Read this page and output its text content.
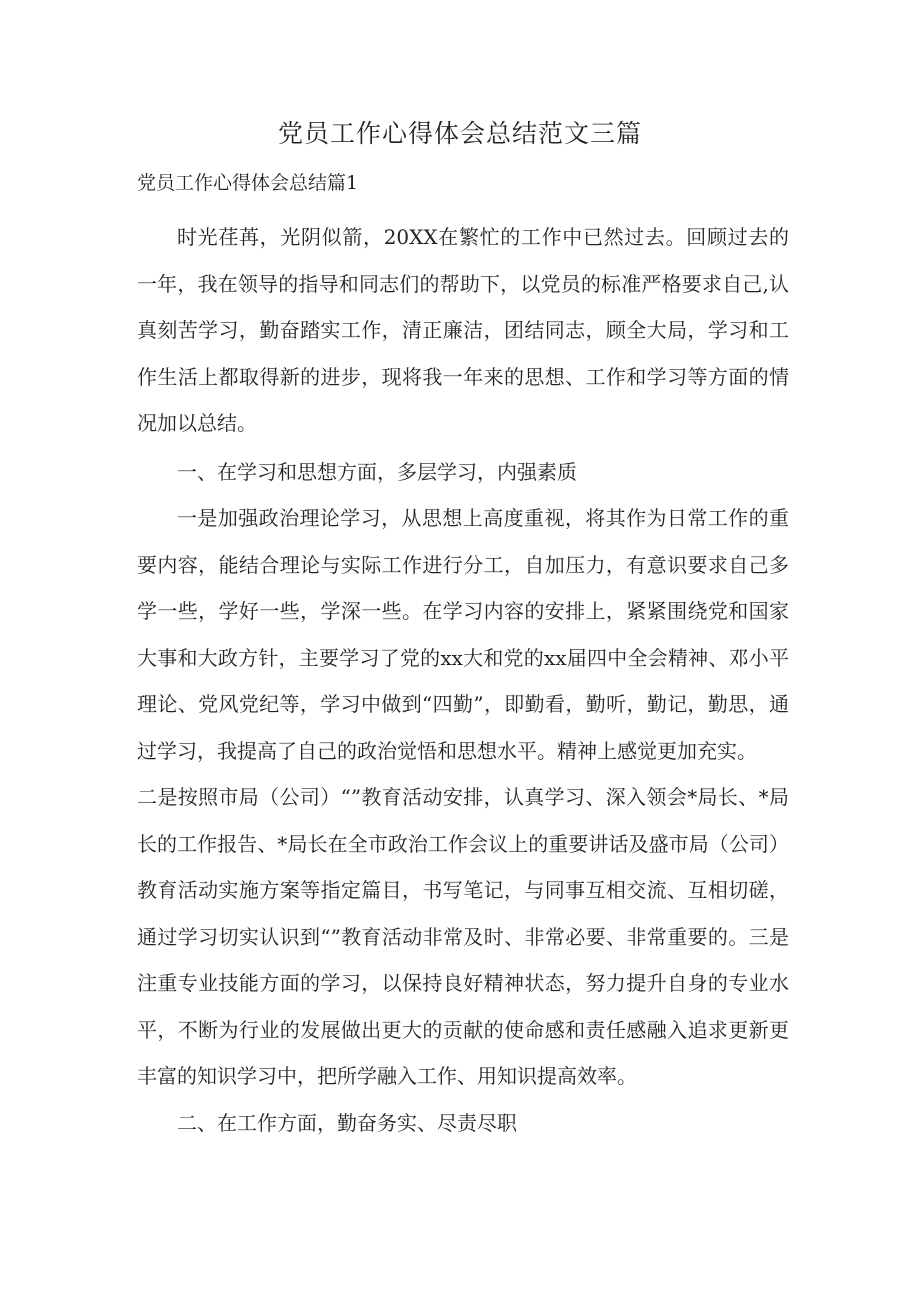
党员工作心得体会总结范文三篇
党员工作心得体会总结篇1

时光荏苒，光阴似箭，20XX在繁忙的工作中已然过去。回顾过去的一年，我在领导的指导和同志们的帮助下，以党员的标准严格要求自己,认真刻苦学习，勤奋踏实工作，清正廉洁，团结同志，顾全大局，学习和工作生活上都取得新的进步，现将我一年来的思想、工作和学习等方面的情况加以总结。

一、在学习和思想方面，多层学习，内强素质

一是加强政治理论学习，从思想上高度重视，将其作为日常工作的重要内容，能结合理论与实际工作进行分工，自加压力，有意识要求自己多学一些，学好一些，学深一些。在学习内容的安排上，紧紧围绕党和国家大事和大政方针，主要学习了党的xx大和党的xx届四中全会精神、邓小平理论、党风党纪等，学习中做到“四勤”，即勤看，勤听，勤记，勤思，通过学习，我提高了自己的政治觉悟和思想水平。精神上感觉更加充实。

二是按照市局（公司）“”教育活动安排，认真学习、深入领会*局长、*局长的工作报告、*局长在全市政治工作会议上的重要讲话及盛市局（公司）教育活动实施方案等指定篇目，书写笔记，与同事互相交流、互相切磋，通过学习切实认识到“”教育活动非常及时、非常必要、非常重要的。三是注重专业技能方面的学习，以保持良好精神状态，努力提升自身的专业水平，不断为行业的发展做出更大的贡献的使命感和责任感融入追求更新更丰富的知识学习中，把所学融入工作、用知识提高效率。

二、在工作方面，勤奋务实、尽责尽职
